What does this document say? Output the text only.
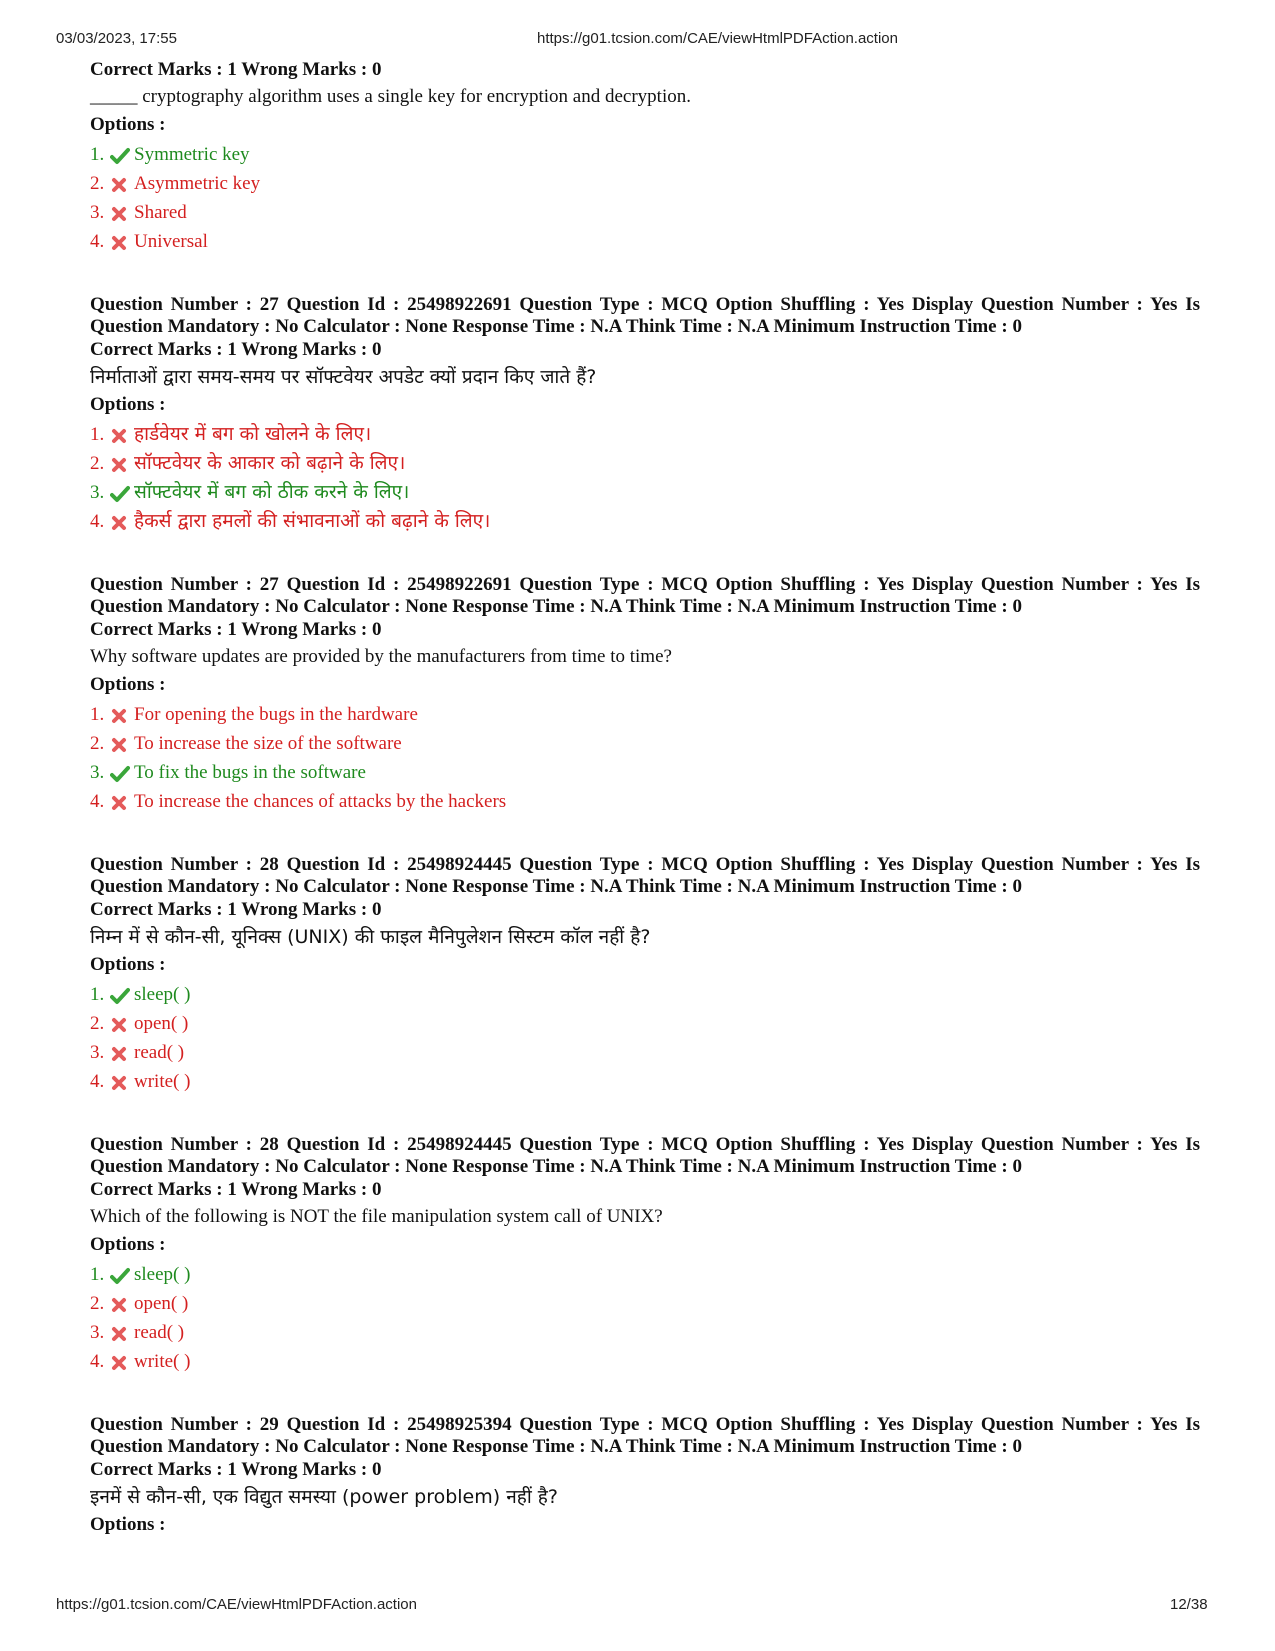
03/03/2023, 17:55	https://g01.tcsion.com/CAE/viewHtmlPDFAction.action

Correct Marks : 1 Wrong Marks : 0

_____ cryptography algorithm uses a single key for encryption and decryption.

Options :

1.	Symmetric key
2.	Asymmetric key
3.	Shared
4.	Universal

Question Number : 27 Question Id : 25498922691 Question Type : MCQ Option Shuffling : Yes Display Question Number : Yes Is Question Mandatory : No Calculator : None Response Time : N.A Think Time : N.A Minimum Instruction Time : 0

Correct Marks : 1 Wrong Marks : 0

निर्माताओं द्वारा समय-समय पर सॉफ्टवेयर अपडेट क्यों प्रदान किए जाते हैं?

Options :

1.	हार्डवेयर में बग को खोलने के लिए।
2.	सॉफ्टवेयर के आकार को बढ़ाने के लिए।
3.	सॉफ्टवेयर में बग को ठीक करने के लिए।
4.	हैकर्स द्वारा हमलों की संभावनाओं को बढ़ाने के लिए।

Question Number : 27 Question Id : 25498922691 Question Type : MCQ Option Shuffling : Yes Display Question Number : Yes Is Question Mandatory : No Calculator : None Response Time : N.A Think Time : N.A Minimum Instruction Time : 0

Correct Marks : 1 Wrong Marks : 0

Why software updates are provided by the manufacturers from time to time?

Options :

1.	For opening the bugs in the hardware
2.	To increase the size of the software
3.	To fix the bugs in the software
4.	To increase the chances of attacks by the hackers

Question Number : 28 Question Id : 25498924445 Question Type : MCQ Option Shuffling : Yes Display Question Number : Yes Is Question Mandatory : No Calculator : None Response Time : N.A Think Time : N.A Minimum Instruction Time : 0

Correct Marks : 1 Wrong Marks : 0

निम्न में से कौन-सी, यूनिक्स (UNIX) की फाइल मैनिपुलेशन सिस्टम कॉल नहीं है?

Options :

1.	sleep( )
2.	open( )
3.	read( )
4.	write( )

Question Number : 28 Question Id : 25498924445 Question Type : MCQ Option Shuffling : Yes Display Question Number : Yes Is Question Mandatory : No Calculator : None Response Time : N.A Think Time : N.A Minimum Instruction Time : 0

Correct Marks : 1 Wrong Marks : 0

Which of the following is NOT the file manipulation system call of UNIX?

Options :

1.	sleep( )
2.	open( )
3.	read( )
4.	write( )

Question Number : 29 Question Id : 25498925394 Question Type : MCQ Option Shuffling : Yes Display Question Number : Yes Is Question Mandatory : No Calculator : None Response Time : N.A Think Time : N.A Minimum Instruction Time : 0

Correct Marks : 1 Wrong Marks : 0

इनमें से कौन-सी, एक विद्युत समस्या (power problem) नहीं है?

Options :

https://g01.tcsion.com/CAE/viewHtmlPDFAction.action	12/38
